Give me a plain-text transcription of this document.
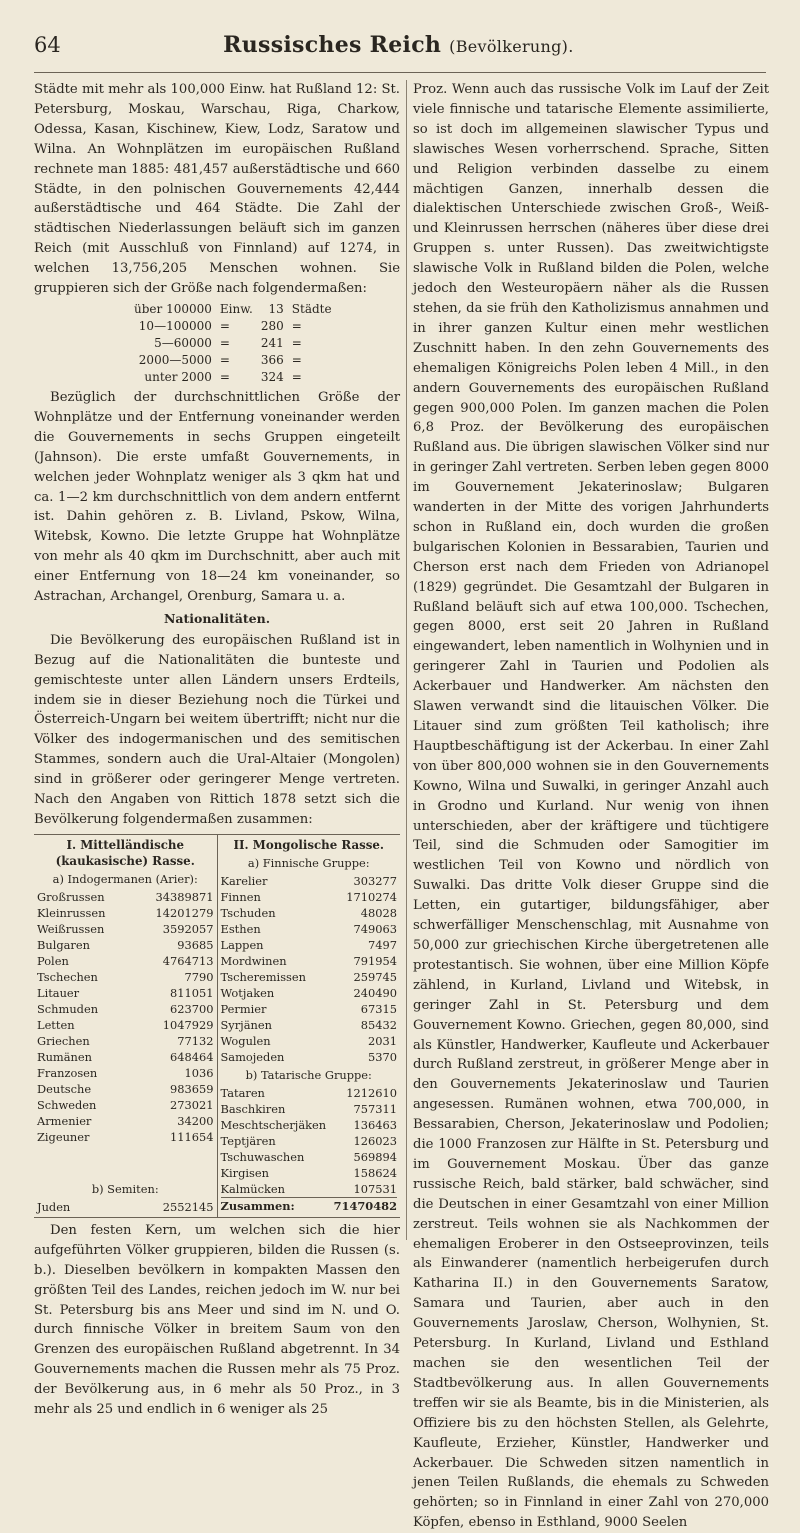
64	Russisches Reich (Bevölkerung).

Städte mit mehr als 100,000 Einw. hat Rußland 12: St. Petersburg, Moskau, Warschau, Riga, Charkow, Odessa, Kasan, Kischinew, Kiew, Lodz, Saratow und Wilna. An Wohnplätzen im europäischen Rußland rechnete man 1885: 481,457 außerstädtische und 660 Städte, in den polnischen Gouvernements 42,444 außerstädtische und 464 Städte. Die Zahl der städtischen Niederlassungen beläuft sich im ganzen Reich (mit Ausschluß von Finnland) auf 1274, in welchen 13,756,205 Menschen wohnen. Sie gruppieren sich der Größe nach folgendermaßen:

über 100000	Einw.	13	Städte
10—100000	=	280	=
5—60000	=	241	=
2000—5000	=	366	=
unter 2000	=	324	=

Bezüglich der durchschnittlichen Größe der Wohnplätze und der Entfernung voneinander werden die Gouvernements in sechs Gruppen eingeteilt (Jahnson). Die erste umfaßt Gouvernements, in welchen jeder Wohnplatz weniger als 3 qkm hat und ca. 1—2 km durchschnittlich von dem andern entfernt ist. Dahin gehören z. B. Livland, Pskow, Wilna, Witebsk, Kowno. Die letzte Gruppe hat Wohnplätze von mehr als 40 qkm im Durchschnitt, aber auch mit einer Entfernung von 18—24 km voneinander, so Astrachan, Archangel, Orenburg, Samara u. a.

Nationalitäten.

Die Bevölkerung des europäischen Rußland ist in Bezug auf die Nationalitäten die bunteste und gemischteste unter allen Ländern unsers Erdteils, indem sie in dieser Beziehung noch die Türkei und Österreich-Ungarn bei weitem übertrifft; nicht nur die Völker des indogermanischen und des semitischen Stammes, sondern auch die Ural-Altaier (Mongolen) sind in größerer oder geringerer Menge vertreten. Nach den Angaben von Rittich 1878 setzt sich die Bevölkerung folgendermaßen zusammen:

I. Mittelländische (kaukasische) Rasse.
a) Indogermanen (Arier):
Großrussen	34389871
Kleinrussen	14201279
Weißrussen	3592057
Bulgaren	93685
Polen	4764713
Tschechen	7790
Litauer	811051
Schmuden	623700
Letten	1047929
Griechen	77132
Rumänen	648464
Franzosen	1036
Deutsche	983659
Schweden	273021
Armenier	34200
Zigeuner	111654
b) Semiten:
Juden	2552145
II. Mongolische Rasse.
a) Finnische Gruppe:
Karelier	303277
Finnen	1710274
Tschuden	48028
Esthen	749063
Lappen	7497
Mordwinen	791954
Tscheremissen	259745
Wotjaken	240490
Permier	67315
Syrjänen	85432
Wogulen	2031
Samojeden	5370
b) Tatarische Gruppe:
Tataren	1212610
Baschkiren	757311
Meschtscherjäken	136463
Teptjären	126023
Tschuwaschen	569894
Kirgisen	158624
Kalmücken	107531
Zusammen:	71470482

Den festen Kern, um welchen sich die hier aufgeführten Völker gruppieren, bilden die Russen (s. b.). Dieselben bevölkern in kompakten Massen den größten Teil des Landes, reichen jedoch im W. nur bei St. Petersburg bis ans Meer und sind im N. und O. durch finnische Völker in breitem Saum von den Grenzen des europäischen Rußland abgetrennt. In 34 Gouvernements machen die Russen mehr als 75 Proz. der Bevölkerung aus, in 6 mehr als 50 Proz., in 3 mehr als 25 und endlich in 6 weniger als 25

Proz. Wenn auch das russische Volk im Lauf der Zeit viele finnische und tatarische Elemente assimilierte, so ist doch im allgemeinen slawischer Typus und slawisches Wesen vorherrschend. Sprache, Sitten und Religion verbinden dasselbe zu einem mächtigen Ganzen, innerhalb dessen die dialektischen Unterschiede zwischen Groß-, Weiß- und Kleinrussen herrschen (näheres über diese drei Gruppen s. unter Russen). Das zweitwichtigste slawische Volk in Rußland bilden die Polen, welche jedoch den Westeuropäern näher als die Russen stehen, da sie früh den Katholizismus annahmen und in ihrer ganzen Kultur einen mehr westlichen Zuschnitt haben. In den zehn Gouvernements des ehemaligen Königreichs Polen leben 4 Mill., in den andern Gouvernements des europäischen Rußland gegen 900,000 Polen. Im ganzen machen die Polen 6,8 Proz. der Bevölkerung des europäischen Rußland aus. Die übrigen slawischen Völker sind nur in geringer Zahl vertreten. Serben leben gegen 8000 im Gouvernement Jekaterinoslaw; Bulgaren wanderten in der Mitte des vorigen Jahrhunderts schon in Rußland ein, doch wurden die großen bulgarischen Kolonien in Bessarabien, Taurien und Cherson erst nach dem Frieden von Adrianopel (1829) gegründet. Die Gesamtzahl der Bulgaren in Rußland beläuft sich auf etwa 100,000. Tschechen, gegen 8000, erst seit 20 Jahren in Rußland eingewandert, leben namentlich in Wolhynien und in geringerer Zahl in Taurien und Podolien als Ackerbauer und Handwerker. Am nächsten den Slawen verwandt sind die litauischen Völker. Die Litauer sind zum größten Teil katholisch; ihre Hauptbeschäftigung ist der Ackerbau. In einer Zahl von über 800,000 wohnen sie in den Gouvernements Kowno, Wilna und Suwalki, in geringer Anzahl auch in Grodno und Kurland. Nur wenig von ihnen unterschieden, aber der kräftigere und tüchtigere Teil, sind die Schmuden oder Samogitier im westlichen Teil von Kowno und nördlich von Suwalki. Das dritte Volk dieser Gruppe sind die Letten, ein gutartiger, bildungsfähiger, aber schwerfälliger Menschenschlag, mit Ausnahme von 50,000 zur griechischen Kirche übergetretenen alle protestantisch. Sie wohnen, über eine Million Köpfe zählend, in Kurland, Livland und Witebsk, in geringer Zahl in St. Petersburg und dem Gouvernement Kowno. Griechen, gegen 80,000, sind als Künstler, Handwerker, Kaufleute und Ackerbauer durch Rußland zerstreut, in größerer Menge aber in den Gouvernements Jekaterinoslaw und Taurien angesessen. Rumänen wohnen, etwa 700,000, in Bessarabien, Cherson, Jekaterinoslaw und Podolien; die 1000 Franzosen zur Hälfte in St. Petersburg und im Gouvernement Moskau. Über das ganze russische Reich, bald stärker, bald schwächer, sind die Deutschen in einer Gesamtzahl von einer Million zerstreut. Teils wohnen sie als Nachkommen der ehemaligen Eroberer in den Ostseeprovinzen, teils als Einwanderer (namentlich herbeigerufen durch Katharina II.) in den Gouvernements Saratow, Samara und Taurien, aber auch in den Gouvernements Jaroslaw, Cherson, Wolhynien, St. Petersburg. In Kurland, Livland und Esthland machen sie den wesentlichen Teil der Stadtbevölkerung aus. In allen Gouvernements treffen wir sie als Beamte, bis in die Ministerien, als Offiziere bis zu den höchsten Stellen, als Gelehrte, Kaufleute, Erzieher, Künstler, Handwerker und Ackerbauer. Die Schweden sitzen namentlich in jenen Teilen Rußlands, die ehemals zu Schweden gehörten; so in Finnland in einer Zahl von 270,000 Köpfen, ebenso in Esthland, 9000 Seelen
